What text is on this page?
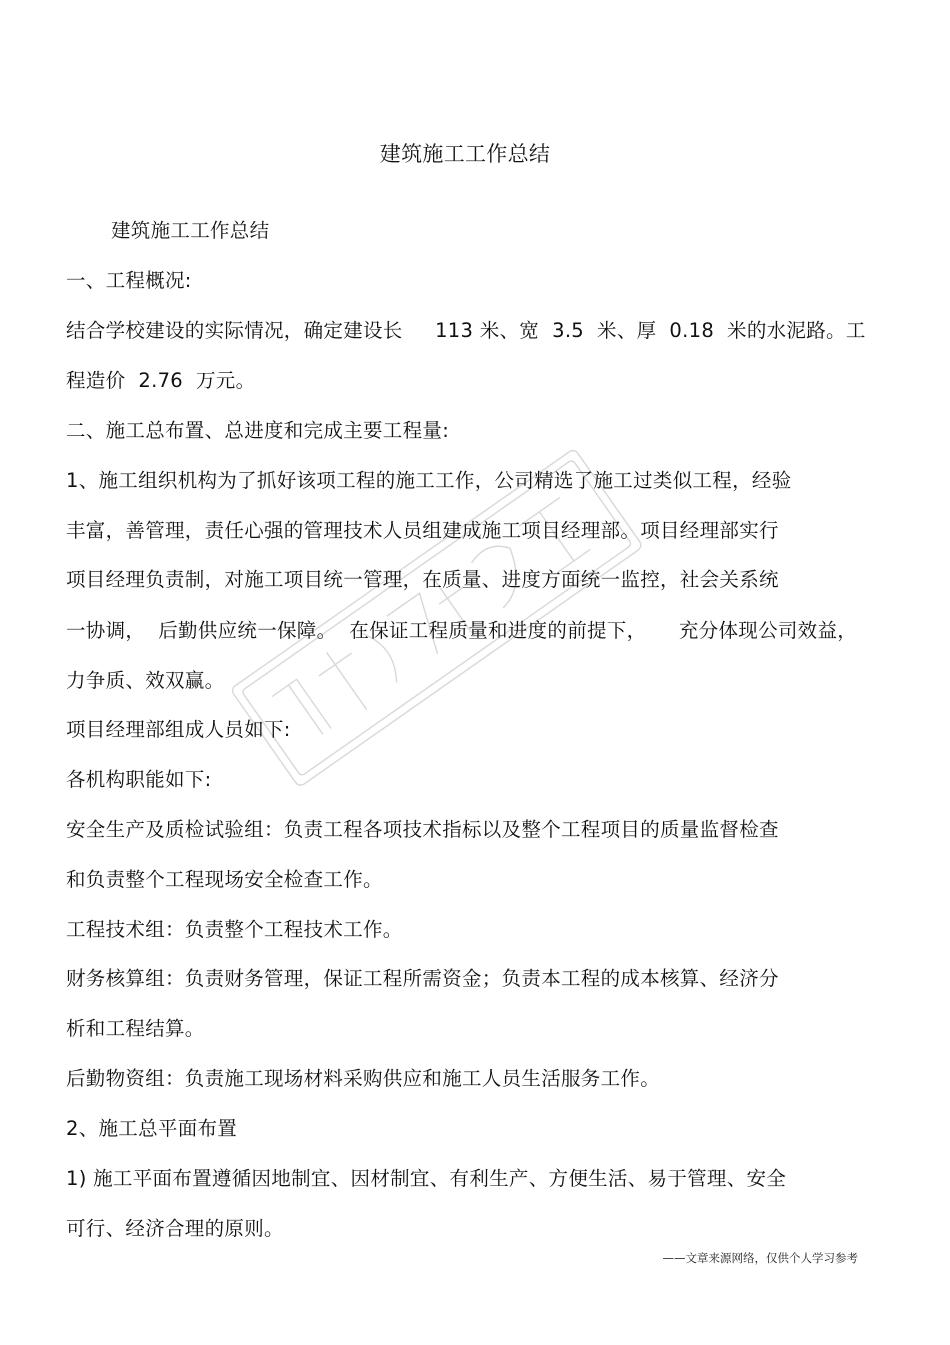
建筑施工工作总结
建筑施工工作总结
一、工程概况:
结合学校建设的实际情况，确定建设长     113 米、宽  3.5  米、厚  0.18  米的水泥路。工
程造价  2.76  万元。
二、施工总布置、总进度和完成主要工程量:
1、施工组织机构为了抓好该项工程的施工工作，公司精选了施工过类似工程，经验
丰富，善管理，责任心强的管理技术人员组建成施工项目经理部。项目经理部实行
项目经理负责制，对施工项目统一管理，在质量、进度方面统一监控，社会关系统
一协调，  后勤供应统一保障。  在保证工程质量和进度的前提下，     充分体现公司效益，
力争质、效双赢。
项目经理部组成人员如下:
各机构职能如下:
安全生产及质检试验组：负责工程各项技术指标以及整个工程项目的质量监督检查
和负责整个工程现场安全检查工作。
工程技术组：负责整个工程技术工作。
财务核算组：负责财务管理，保证工程所需资金；负责本工程的成本核算、经济分
析和工程结算。
后勤物资组：负责施工现场材料采购供应和施工人员生活服务工作。
2、施工总平面布置
1) 施工平面布置遵循因地制宜、因材制宜、有利生产、方便生活、易于管理、安全
可行、经济合理的原则。
——文章来源网络，仅供个人学习参考
